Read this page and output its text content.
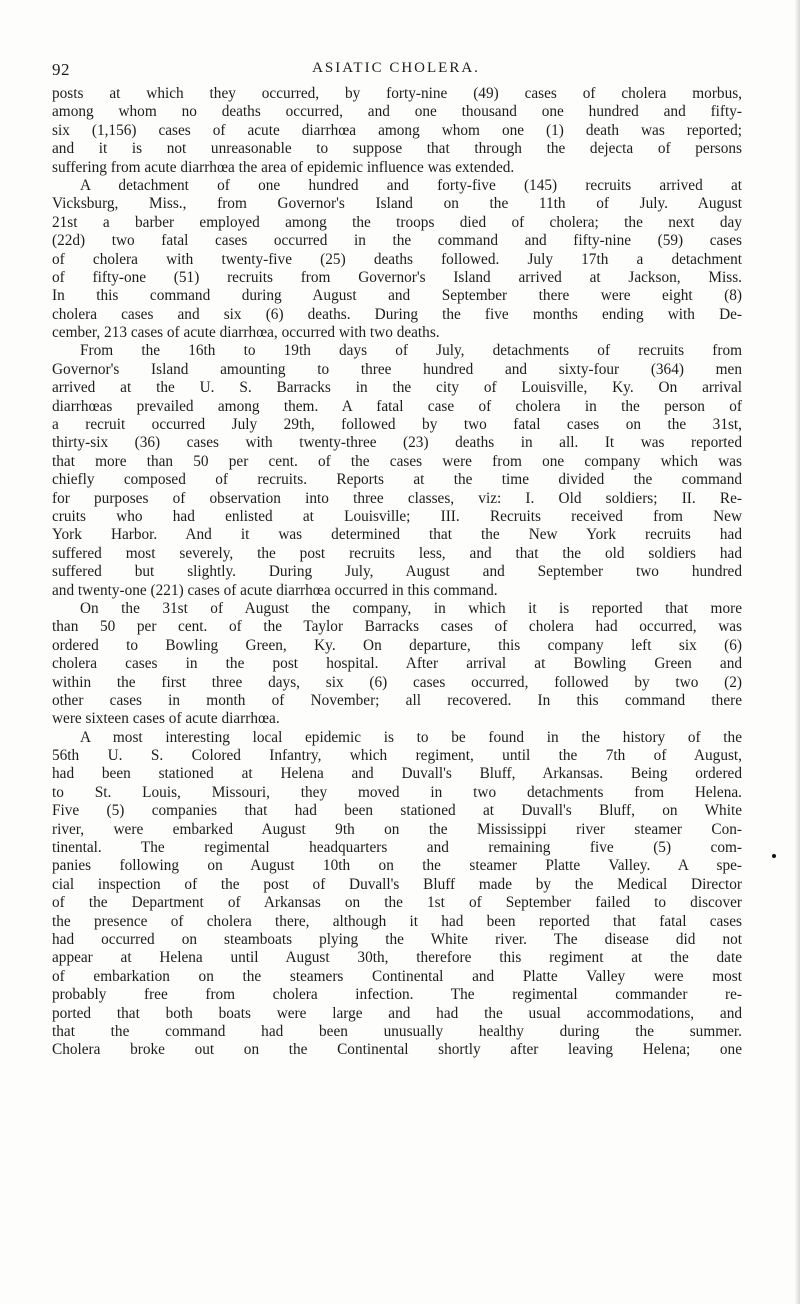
92	ASIATIC CHOLERA.
posts at which they occurred, by forty-nine (49) cases of cholera morbus,
among whom no deaths occurred, and one thousand one hundred and fifty-
six (1,156) cases of acute diarrhœa among whom one (1) death was reported;
and it is not unreasonable to suppose that through the dejecta of persons
suffering from acute diarrhœa the area of epidemic influence was extended.
A detachment of one hundred and forty-five (145) recruits arrived at
Vicksburg, Miss., from Governor's Island on the 11th of July. August
21st a barber employed among the troops died of cholera; the next day
(22d) two fatal cases occurred in the command and fifty-nine (59) cases
of cholera with twenty-five (25) deaths followed. July 17th a detachment
of fifty-one (51) recruits from Governor's Island arrived at Jackson, Miss.
In this command during August and September there were eight (8)
cholera cases and six (6) deaths. During the five months ending with De-
cember, 213 cases of acute diarrhœa, occurred with two deaths.
From the 16th to 19th days of July, detachments of recruits from
Governor's Island amounting to three hundred and sixty-four (364) men
arrived at the U. S. Barracks in the city of Louisville, Ky. On arrival
diarrhœas prevailed among them. A fatal case of cholera in the person of
a recruit occurred July 29th, followed by two fatal cases on the 31st,
thirty-six (36) cases with twenty-three (23) deaths in all. It was reported
that more than 50 per cent. of the cases were from one company which was
chiefly composed of recruits. Reports at the time divided the command
for purposes of observation into three classes, viz: I. Old soldiers; II. Re-
cruits who had enlisted at Louisville; III. Recruits received from New
York Harbor. And it was determined that the New York recruits had
suffered most severely, the post recruits less, and that the old soldiers had
suffered but slightly. During July, August and September two hundred
and twenty-one (221) cases of acute diarrhœa occurred in this command.
On the 31st of August the company, in which it is reported that more
than 50 per cent. of the Taylor Barracks cases of cholera had occurred, was
ordered to Bowling Green, Ky. On departure, this company left six (6)
cholera cases in the post hospital. After arrival at Bowling Green and
within the first three days, six (6) cases occurred, followed by two (2)
other cases in month of November; all recovered. In this command there
were sixteen cases of acute diarrhœa.
A most interesting local epidemic is to be found in the history of the
56th U. S. Colored Infantry, which regiment, until the 7th of August,
had been stationed at Helena and Duvall's Bluff, Arkansas. Being ordered
to St. Louis, Missouri, they moved in two detachments from Helena.
Five (5) companies that had been stationed at Duvall's Bluff, on White
river, were embarked August 9th on the Mississippi river steamer Con-
tinental. The regimental headquarters and remaining five (5) com-
panies following on August 10th on the steamer Platte Valley. A spe-
cial inspection of the post of Duvall's Bluff made by the Medical Director
of the Department of Arkansas on the 1st of September failed to discover
the presence of cholera there, although it had been reported that fatal cases
had occurred on steamboats plying the White river. The disease did not
appear at Helena until August 30th, therefore this regiment at the date
of embarkation on the steamers Continental and Platte Valley were most
probably free from cholera infection. The regimental commander re-
ported that both boats were large and had the usual accommodations, and
that the command had been unusually healthy during the summer.
Cholera broke out on the Continental shortly after leaving Helena; one
